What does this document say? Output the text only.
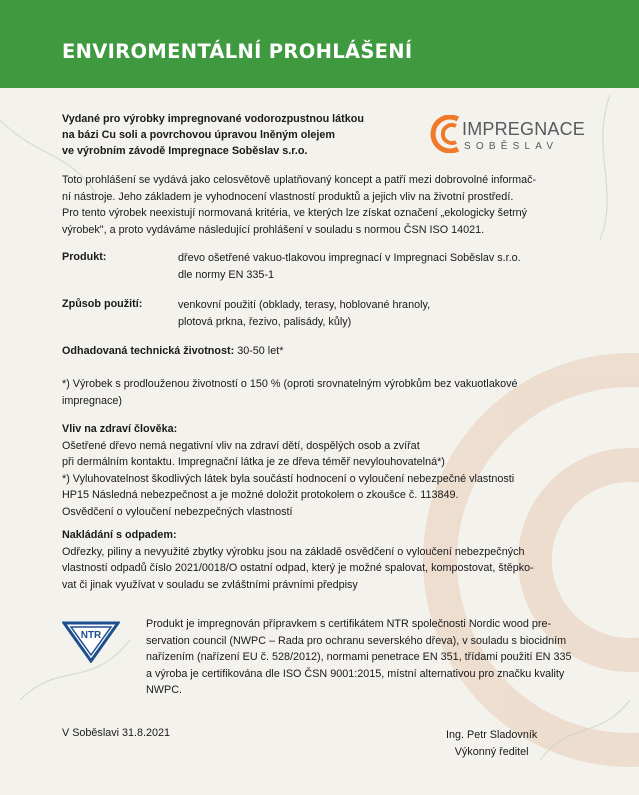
ENVIROMENTÁLNÍ PROHLÁŠENÍ
Vydané pro výrobky impregnované vodorozpustnou látkou
na bázi Cu soli a povrchovou úpravou lněným olejem
ve výrobním závodě Impregnace Soběslav s.r.o.
IMPREGNACE
SOBĚSLAV
Toto prohlášení se vydává jako celosvětově uplatňovaný koncept a patří mezi dobrovolné informač-
ní nástroje. Jeho základem je vyhodnocení vlastností produktů a jejich vliv na životní prostředí.
Pro tento výrobek neexistují normovaná kritéria, ve kterých lze získat označení „ekologicky šetrný
výrobek", a proto vydáváme následující prohlášení v souladu s normou ČSN ISO 14021.
Produkt:	dřevo ošetřené vakuo-tlakovou impregnací v Impregnaci Soběslav s.r.o.
dle normy EN 335-1
Způsob použití:	venkovní použití (obklady, terasy, hoblované hranoly,
plotová prkna, řezivo, palisády, kůly)
Odhadovaná technická životnost: 30-50 let*
*) Výrobek s prodlouženou životností o 150 % (oproti srovnatelným výrobkům bez vakuotlakové
impregnace)
Vliv na zdraví člověka:
Ošetřené dřevo nemá negativní vliv na zdraví dětí, dospělých osob a zvířat
při dermálním kontaktu. Impregnační látka je ze dřeva téměř nevylouhovatelná*)
*) Vyluhovatelnost škodlivých látek byla součástí hodnocení o vyloučení nebezpečné vlastnosti
HP15 Následná nebezpečnost a je možné doložit protokolem o zkoušce č. 113849.
Osvědčení o vyloučení nebezpečných vlastností
Nakládání s odpadem:
Odřezky, piliny a nevyužité zbytky výrobku jsou na základě osvědčení o vyloučení nebezpečných
vlastností odpadů číslo 2021/0018/O ostatní odpad, který je možné spalovat, kompostovat, štěpko-
vat či jinak využívat v souladu se zvláštními právními předpisy
NTR
Produkt je impregnován přípravkem s certifikátem NTR společnosti Nordic wood pre-
servation council (NWPC – Rada pro ochranu severského dřeva), v souladu s biocidním
nařízením (nařízení EU č. 528/2012), normami penetrace EN 351, třídami použití EN 335
a výroba je certifikována dle ISO ČSN 9001:2015, místní alternativou pro značku kvality
NWPC.
V Soběslavi 31.8.2021	Ing. Petr Sladovník
Výkonný ředitel
